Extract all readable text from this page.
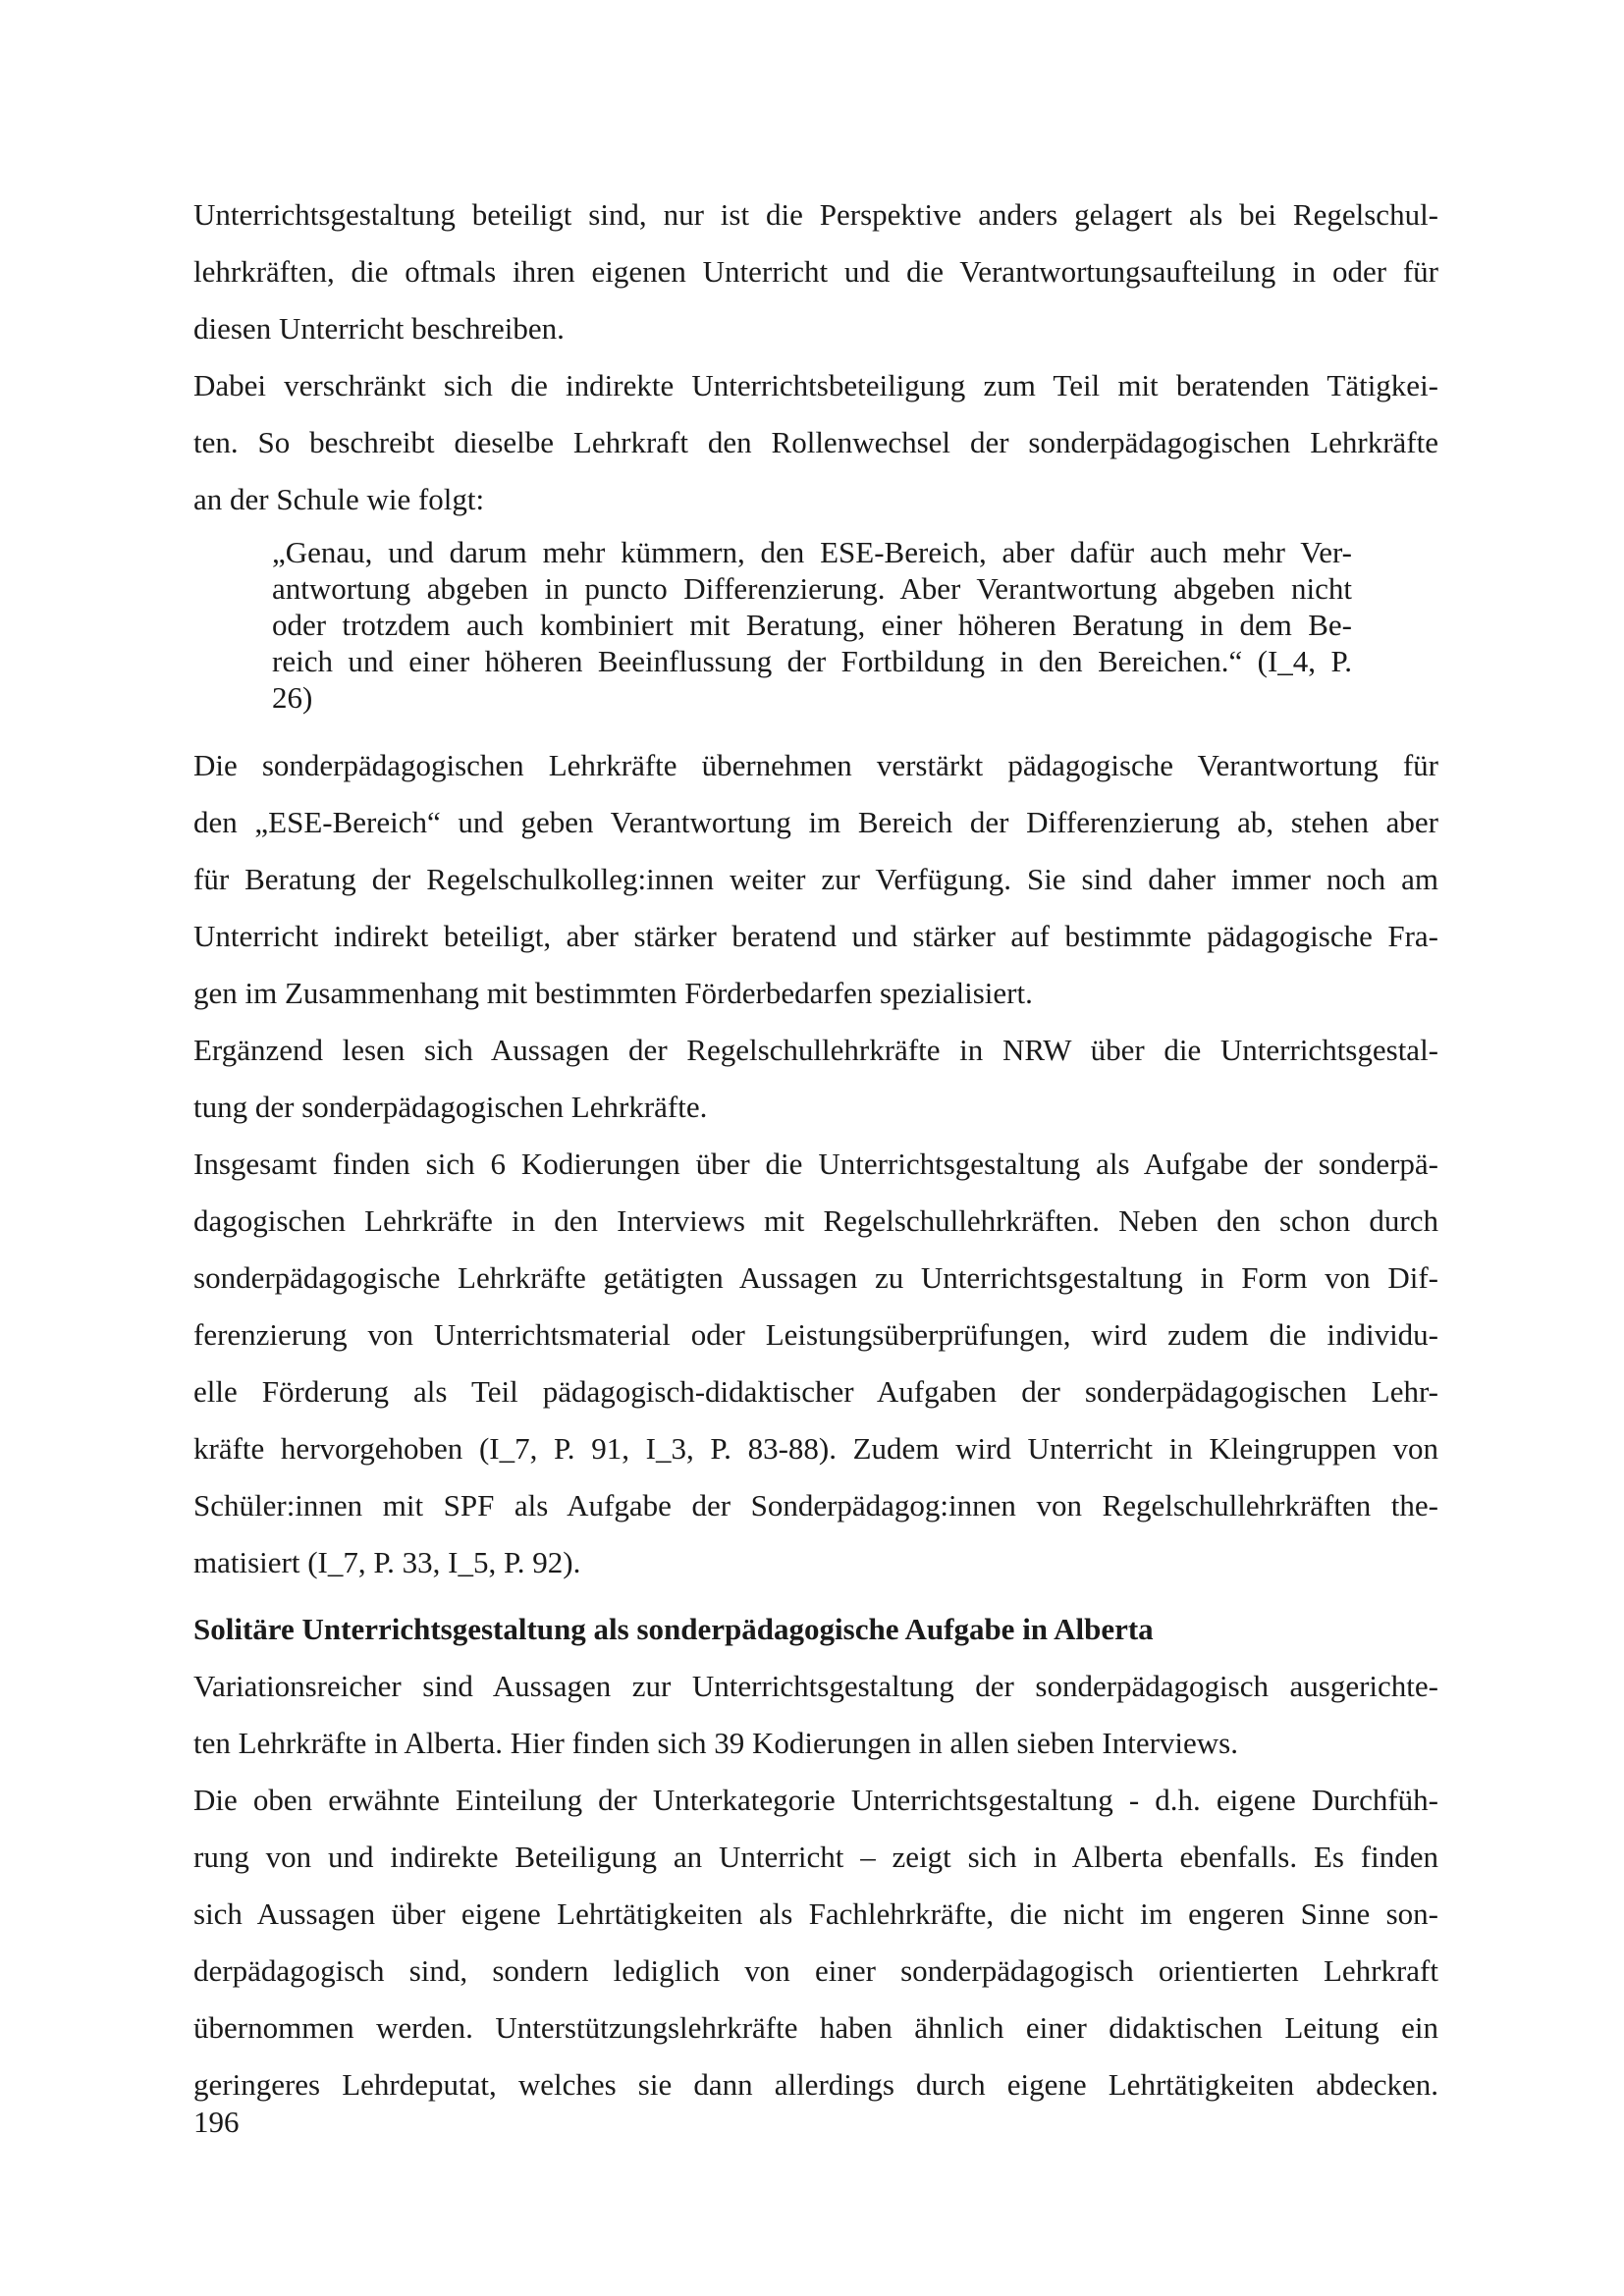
Unterrichtsgestaltung beteiligt sind, nur ist die Perspektive anders gelagert als bei Regelschul-
lehrkräften, die oftmals ihren eigenen Unterricht und die Verantwortungsaufteilung in oder für
diesen Unterricht beschreiben.
Dabei verschränkt sich die indirekte Unterrichtsbeteiligung zum Teil mit beratenden Tätigkei-
ten. So beschreibt dieselbe Lehrkraft den Rollenwechsel der sonderpädagogischen Lehrkräfte
an der Schule wie folgt:
„Genau, und darum mehr kümmern, den ESE-Bereich, aber dafür auch mehr Ver-
antwortung abgeben in puncto Differenzierung. Aber Verantwortung abgeben nicht
oder trotzdem auch kombiniert mit Beratung, einer höheren Beratung in dem Be-
reich und einer höheren Beeinflussung der Fortbildung in den Bereichen.“ (I_4, P.
26)
Die sonderpädagogischen Lehrkräfte übernehmen verstärkt pädagogische Verantwortung für
den „ESE-Bereich“ und geben Verantwortung im Bereich der Differenzierung ab, stehen aber
für Beratung der Regelschulkolleg:innen weiter zur Verfügung. Sie sind daher immer noch am
Unterricht indirekt beteiligt, aber stärker beratend und stärker auf bestimmte pädagogische Fra-
gen im Zusammenhang mit bestimmten Förderbedarfen spezialisiert.
Ergänzend lesen sich Aussagen der Regelschullehrkräfte in NRW über die Unterrichtsgestal-
tung der sonderpädagogischen Lehrkräfte.
Insgesamt finden sich 6 Kodierungen über die Unterrichtsgestaltung als Aufgabe der sonderpä-
dagogischen Lehrkräfte in den Interviews mit Regelschullehrkräften. Neben den schon durch
sonderpädagogische Lehrkräfte getätigten Aussagen zu Unterrichtsgestaltung in Form von Dif-
ferenzierung von Unterrichtsmaterial oder Leistungsüberprüfungen, wird zudem die individu-
elle Förderung als Teil pädagogisch-didaktischer Aufgaben der sonderpädagogischen Lehr-
kräfte hervorgehoben (I_7, P. 91, I_3, P. 83-88). Zudem wird Unterricht in Kleingruppen von
Schüler:innen mit SPF als Aufgabe der Sonderpädagog:innen von Regelschullehrkräften the-
matisiert (I_7, P. 33, I_5, P. 92).
Solitäre Unterrichtsgestaltung als sonderpädagogische Aufgabe in Alberta
Variationsreicher sind Aussagen zur Unterrichtsgestaltung der sonderpädagogisch ausgerichte-
ten Lehrkräfte in Alberta. Hier finden sich 39 Kodierungen in allen sieben Interviews.
Die oben erwähnte Einteilung der Unterkategorie Unterrichtsgestaltung - d.h. eigene Durchfüh-
rung von und indirekte Beteiligung an Unterricht – zeigt sich in Alberta ebenfalls. Es finden
sich Aussagen über eigene Lehrtätigkeiten als Fachlehrkräfte, die nicht im engeren Sinne son-
derpädagogisch sind, sondern lediglich von einer sonderpädagogisch orientierten Lehrkraft
übernommen werden. Unterstützungslehrkräfte haben ähnlich einer didaktischen Leitung ein
geringeres Lehrdeputat, welches sie dann allerdings durch eigene Lehrtätigkeiten abdecken.
196
